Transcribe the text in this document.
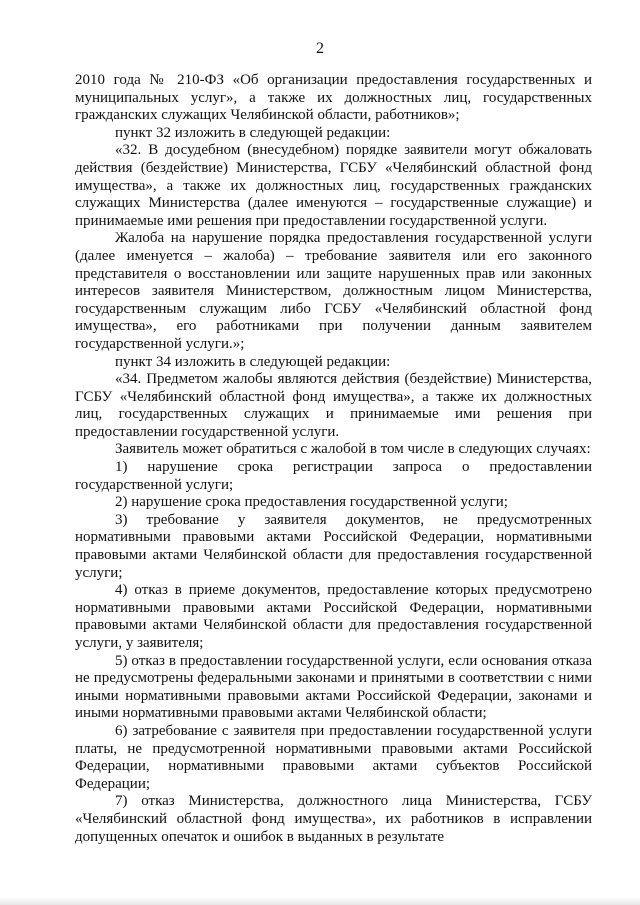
2

2010 года № 210-ФЗ «Об организации предоставления государственных и муниципальных услуг», а также их должностных лиц, государственных гражданских служащих Челябинской области, работников»;

пункт 32 изложить в следующей редакции:

«32. В досудебном (внесудебном) порядке заявители могут обжаловать действия (бездействие) Министерства, ГСБУ «Челябинский областной фонд имущества», а также их должностных лиц, государственных гражданских служащих Министерства (далее именуются – государственные служащие) и принимаемые ими решения при предоставлении государственной услуги.

Жалоба на нарушение порядка предоставления государственной услуги (далее именуется – жалоба) – требование заявителя или его законного представителя о восстановлении или защите нарушенных прав или законных интересов заявителя Министерством, должностным лицом Министерства, государственным служащим либо ГСБУ «Челябинский областной фонд имущества», его работниками при получении данным заявителем государственной услуги.»;

пункт 34 изложить в следующей редакции:

«34. Предметом жалобы являются действия (бездействие) Министерства, ГСБУ «Челябинский областной фонд имущества», а также их должностных лиц, государственных служащих и принимаемые ими решения при предоставлении государственной услуги.

Заявитель может обратиться с жалобой в том числе в следующих случаях:

1) нарушение срока регистрации запроса о предоставлении государственной услуги;

2) нарушение срока предоставления государственной услуги;

3) требование у заявителя документов, не предусмотренных нормативными правовыми актами Российской Федерации, нормативными правовыми актами Челябинской области для предоставления государственной услуги;

4) отказ в приеме документов, предоставление которых предусмотрено нормативными правовыми актами Российской Федерации, нормативными правовыми актами Челябинской области для предоставления государственной услуги, у заявителя;

5) отказ в предоставлении государственной услуги, если основания отказа не предусмотрены федеральными законами и принятыми в соответствии с ними иными нормативными правовыми актами Российской Федерации, законами и иными нормативными правовыми актами Челябинской области;

6) затребование с заявителя при предоставлении государственной услуги платы, не предусмотренной нормативными правовыми актами Российской Федерации, нормативными правовыми актами субъектов Российской Федерации;

7) отказ Министерства, должностного лица Министерства, ГСБУ «Челябинский областной фонд имущества», их работников в исправлении допущенных опечаток и ошибок в выданных в результате
